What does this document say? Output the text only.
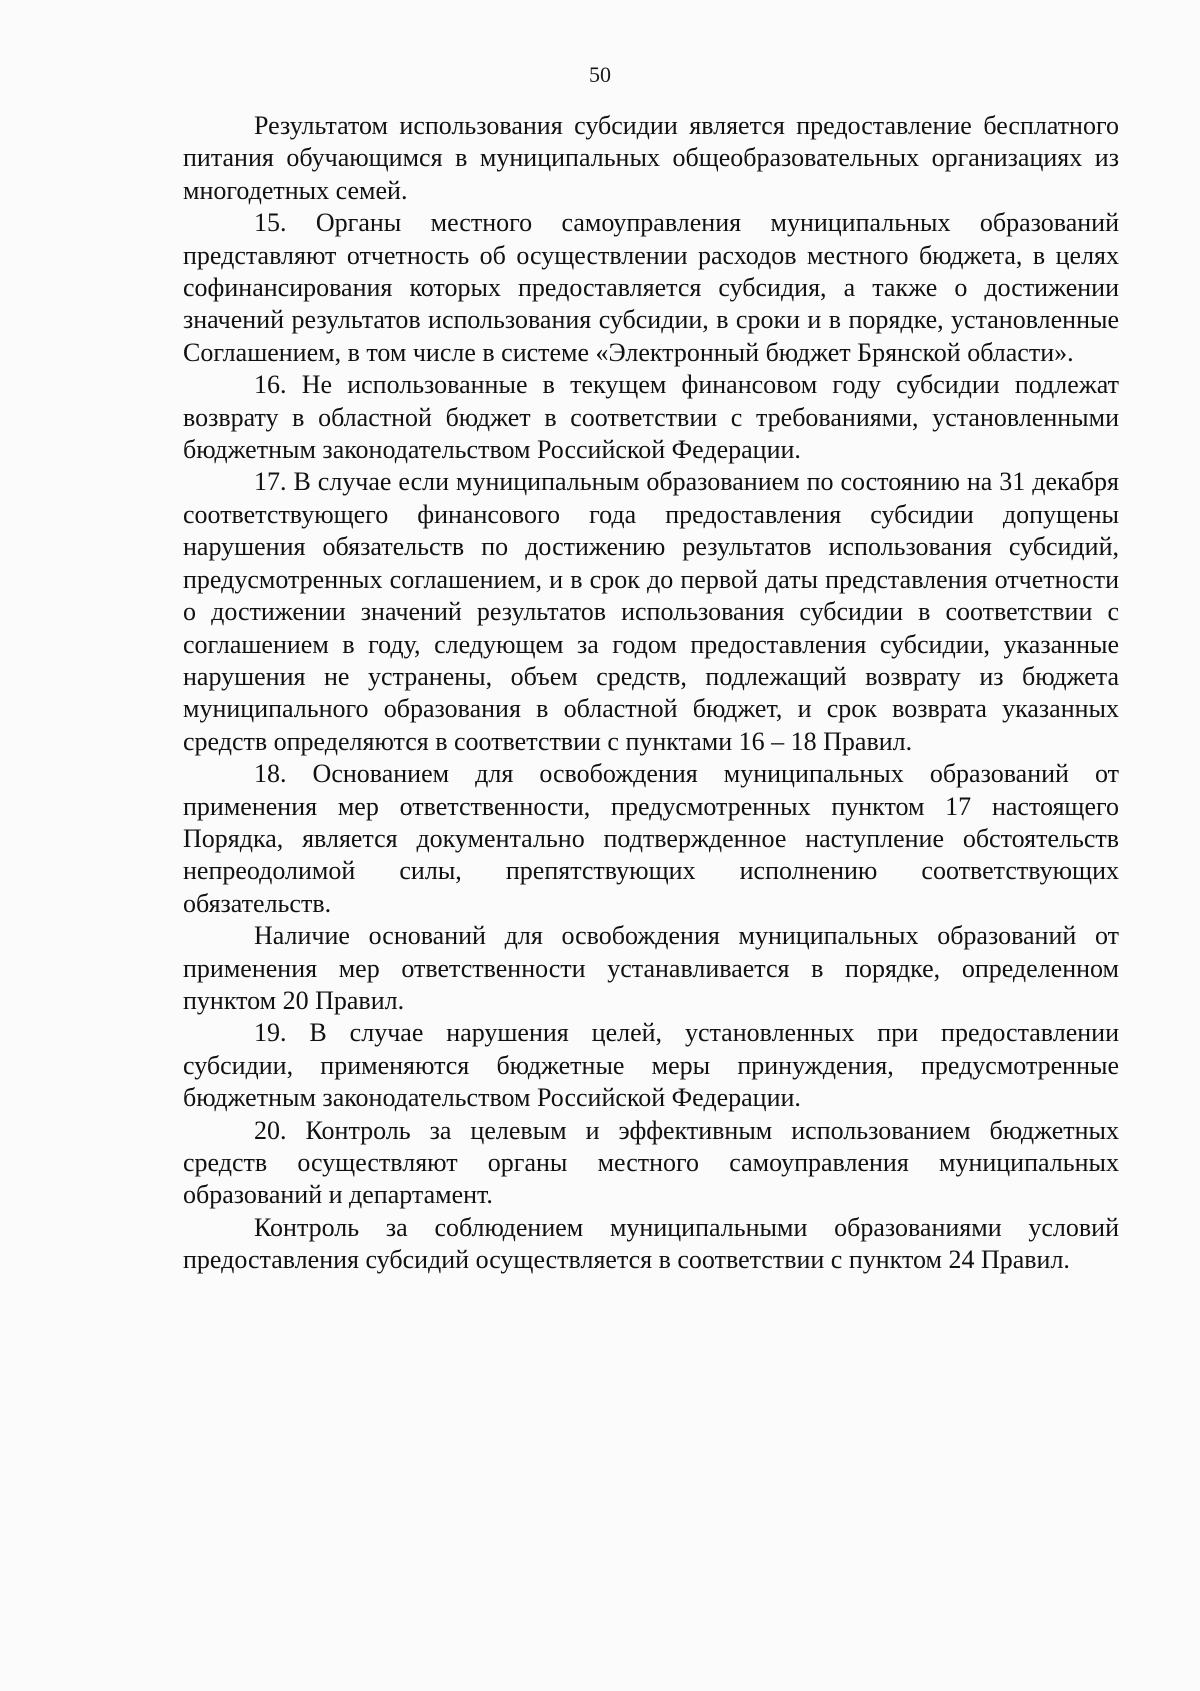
50

Результатом использования субсидии является предоставление бесплатного питания обучающимся в муниципальных общеобразовательных организациях из многодетных семей.

15. Органы местного самоуправления муниципальных образований представляют отчетность об осуществлении расходов местного бюджета, в целях софинансирования которых предоставляется субсидия, а также о достижении значений результатов использования субсидии, в сроки и в порядке, установленные Соглашением, в том числе в системе «Электронный бюджет Брянской области».

16. Не использованные в текущем финансовом году субсидии подлежат возврату в областной бюджет в соответствии с требованиями, установленными бюджетным законодательством Российской Федерации.

17. В случае если муниципальным образованием по состоянию на 31 декабря соответствующего финансового года предоставления субсидии допущены нарушения обязательств по достижению результатов использования субсидий, предусмотренных соглашением, и в срок до первой даты представления отчетности о достижении значений результатов использования субсидии в соответствии с соглашением в году, следующем за годом предоставления субсидии, указанные нарушения не устранены, объем средств, подлежащий возврату из бюджета муниципального образования в областной бюджет, и срок возврата указанных средств определяются в соответствии с пунктами 16 – 18 Правил.

18. Основанием для освобождения муниципальных образований от применения мер ответственности, предусмотренных пунктом 17 настоящего Порядка, является документально подтвержденное наступление обстоятельств непреодолимой силы, препятствующих исполнению соответствующих обязательств.

Наличие оснований для освобождения муниципальных образований от применения мер ответственности устанавливается в порядке, определенном пунктом 20 Правил.

19. В случае нарушения целей, установленных при предоставлении субсидии, применяются бюджетные меры принуждения, предусмотренные бюджетным законодательством Российской Федерации.

20. Контроль за целевым и эффективным использованием бюджетных средств осуществляют органы местного самоуправления муниципальных образований и департамент.

Контроль за соблюдением муниципальными образованиями условий предоставления субсидий осуществляется в соответствии с пунктом 24 Правил.
